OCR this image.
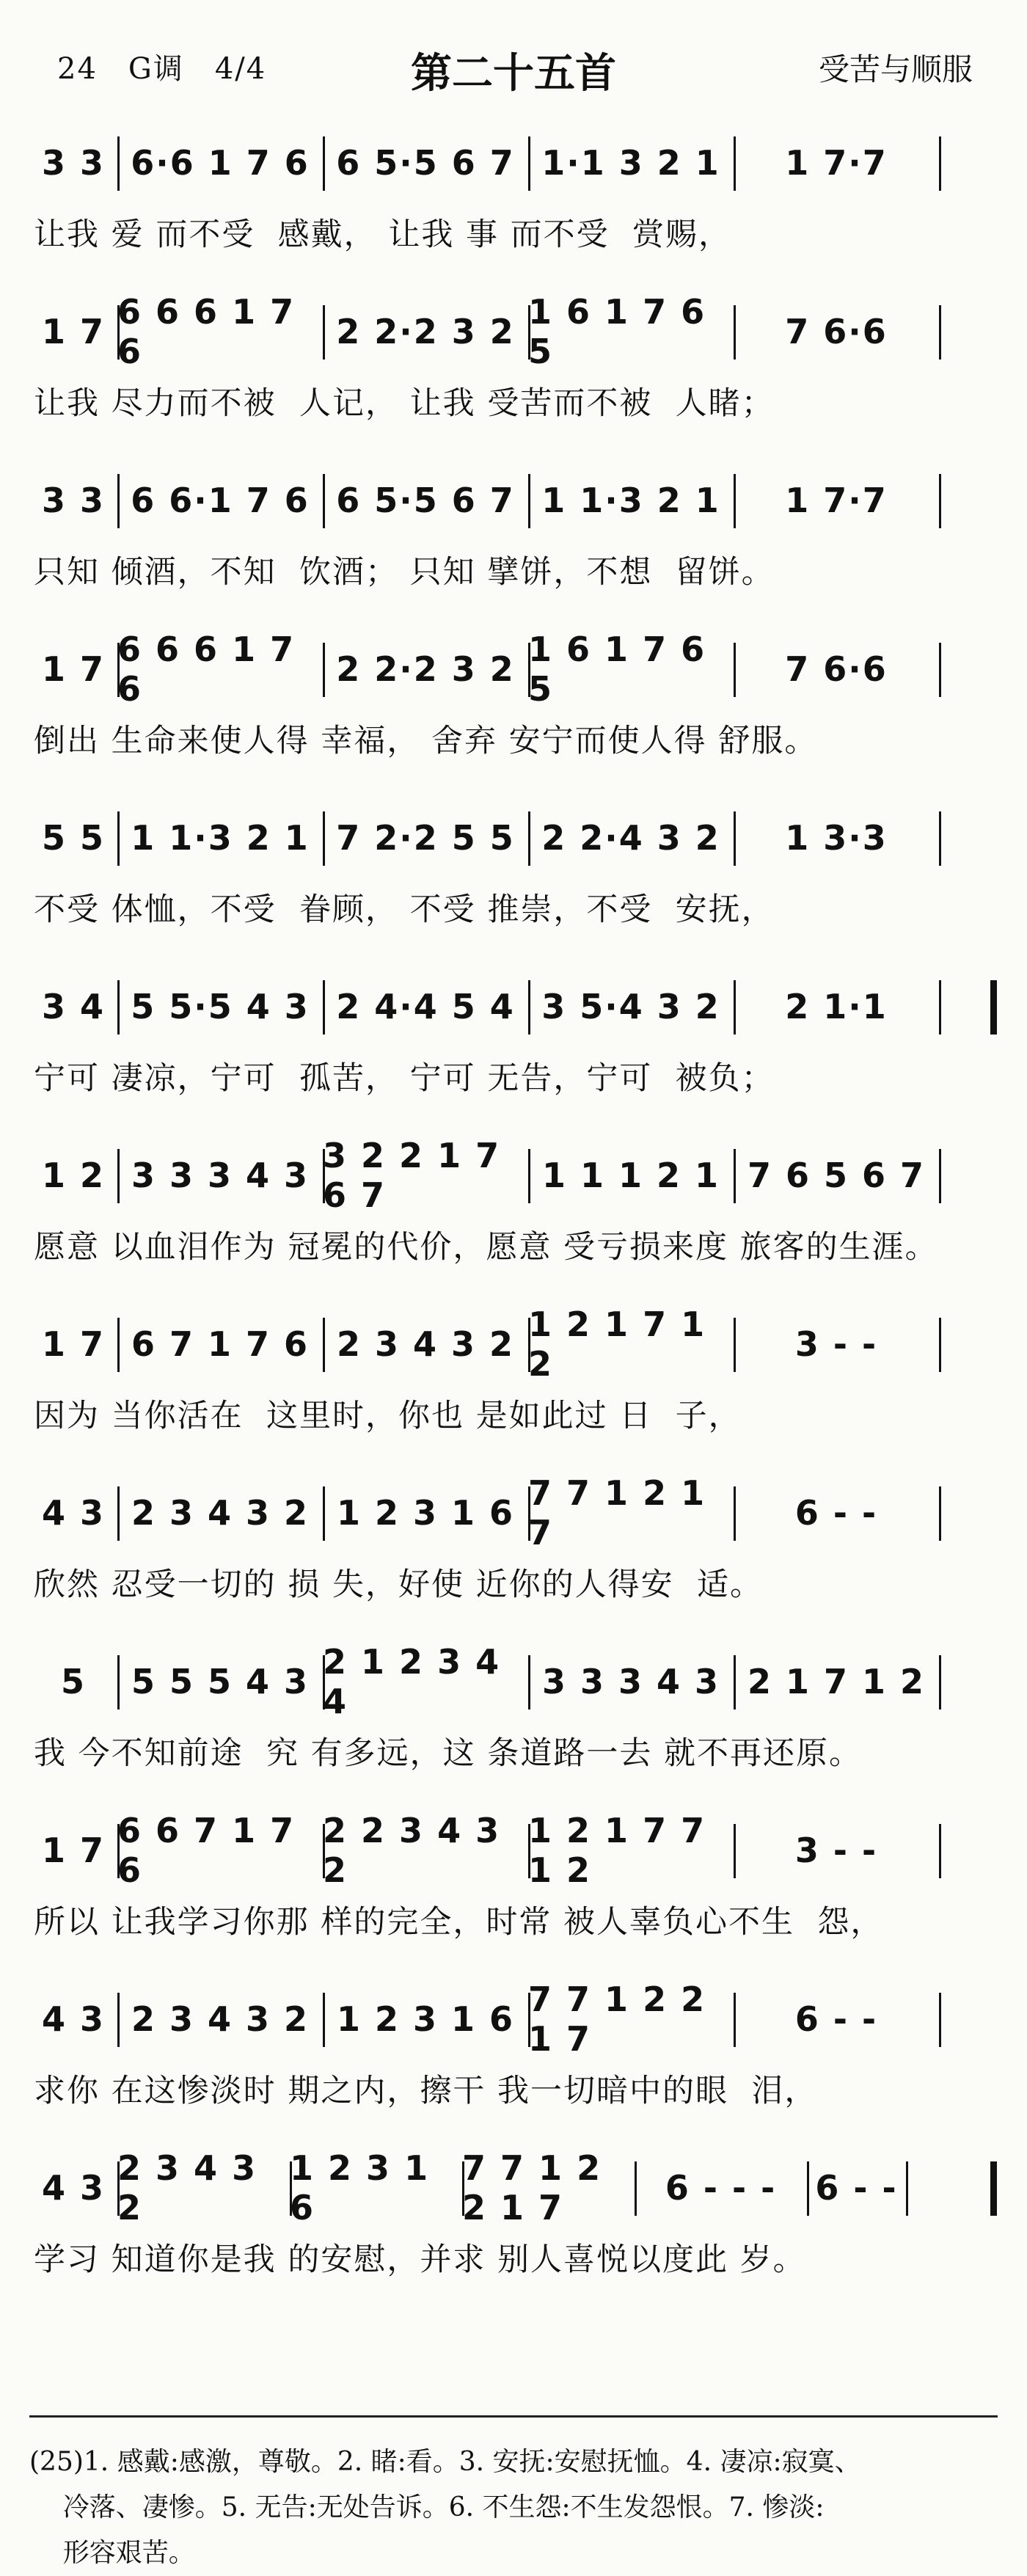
24　G调　4/4	第二十五首	受苦与顺服
3 3 6·6 1 7 6 6 5·5 6 7 1·1 3 2 1	1 7·7
让我 爱 而不受  感戴， 让我 事 而不受  赏赐，
1 7 6 6 6 1 7 6	2 2·2 3 2 1 6 1 7 6 5	7 6·6
让我 尽力而不被  人记， 让我 受苦而不被  人睹；
3 3 6 6·1 7 6 6 5·5 6 7 1 1·3 2 1	1 7·7
只知 倾酒，不知  饮酒； 只知 擘饼，不想  留饼。
1 7 6 6 6 1 7 6	2 2·2 3 2 1 6 1 7 6 5	7 6·6
倒出 生命来使人得 幸福， 舍弃 安宁而使人得 舒服。
5 5 1 1·3 2 1 7 2·2 5 5 2 2·4 3 2	1 3·3
不受 体恤，不受  眷顾， 不受 推崇，不受  安抚，
3 4 5 5·5 4 3 2 4·4 5 4 3 5·4 3 2	2 1·1
宁可 凄凉，宁可  孤苦， 宁可 无告，宁可  被负；
1 2 3 3 3 4 3 3 2 2 1 7 6 7	1 1 1 2 1 7 6 5 6 7
愿意 以血泪作为 冠冕的代价，愿意 受亏损来度 旅客的生涯。
1 7 6 7 1 7 6 2 3 4 3 2 1 2 1 7 1 2	3 - -
因为 当你活在  这里时，你也 是如此过 日  子，
4 3 2 3 4 3 2 1 2 3 1 6 7 7 1 2 1 7	6 - -
欣然 忍受一切的 损 失，好使 近你的人得安  适。
5	5 5 5 4 3 2 1 2 3 4 4	3 3 3 4 3 2 1 7 1 2
我 今不知前途  究 有多远，这 条道路一去 就不再还原。
1 7 6 6 7 1 7 6
2 2 3 4 3 2
1 2 1 7 7 1 2	3 - -
所以 让我学习你那 样的完全，时常 被人辜负心不生  怨，
4 3 2 3 4 3 2 1 2 3 1 6 7 7 1 2 2 1 7	6 - -
求你 在这惨淡时 期之内，擦干 我一切暗中的眼  泪，
4 3 2 3 4 3 2
1 2 3 1 6
7 7 1 2 2 1 7	6 - - -	6 - -
学习 知道你是我 的安慰，并求 别人喜悦以度此 岁。
(25)1. 感戴:感激，尊敬。2. 睹:看。3. 安抚:安慰抚恤。4. 凄凉:寂寞、
冷落、凄惨。5. 无告:无处告诉。6. 不生怨:不生发怨恨。7. 惨淡:
形容艰苦。
